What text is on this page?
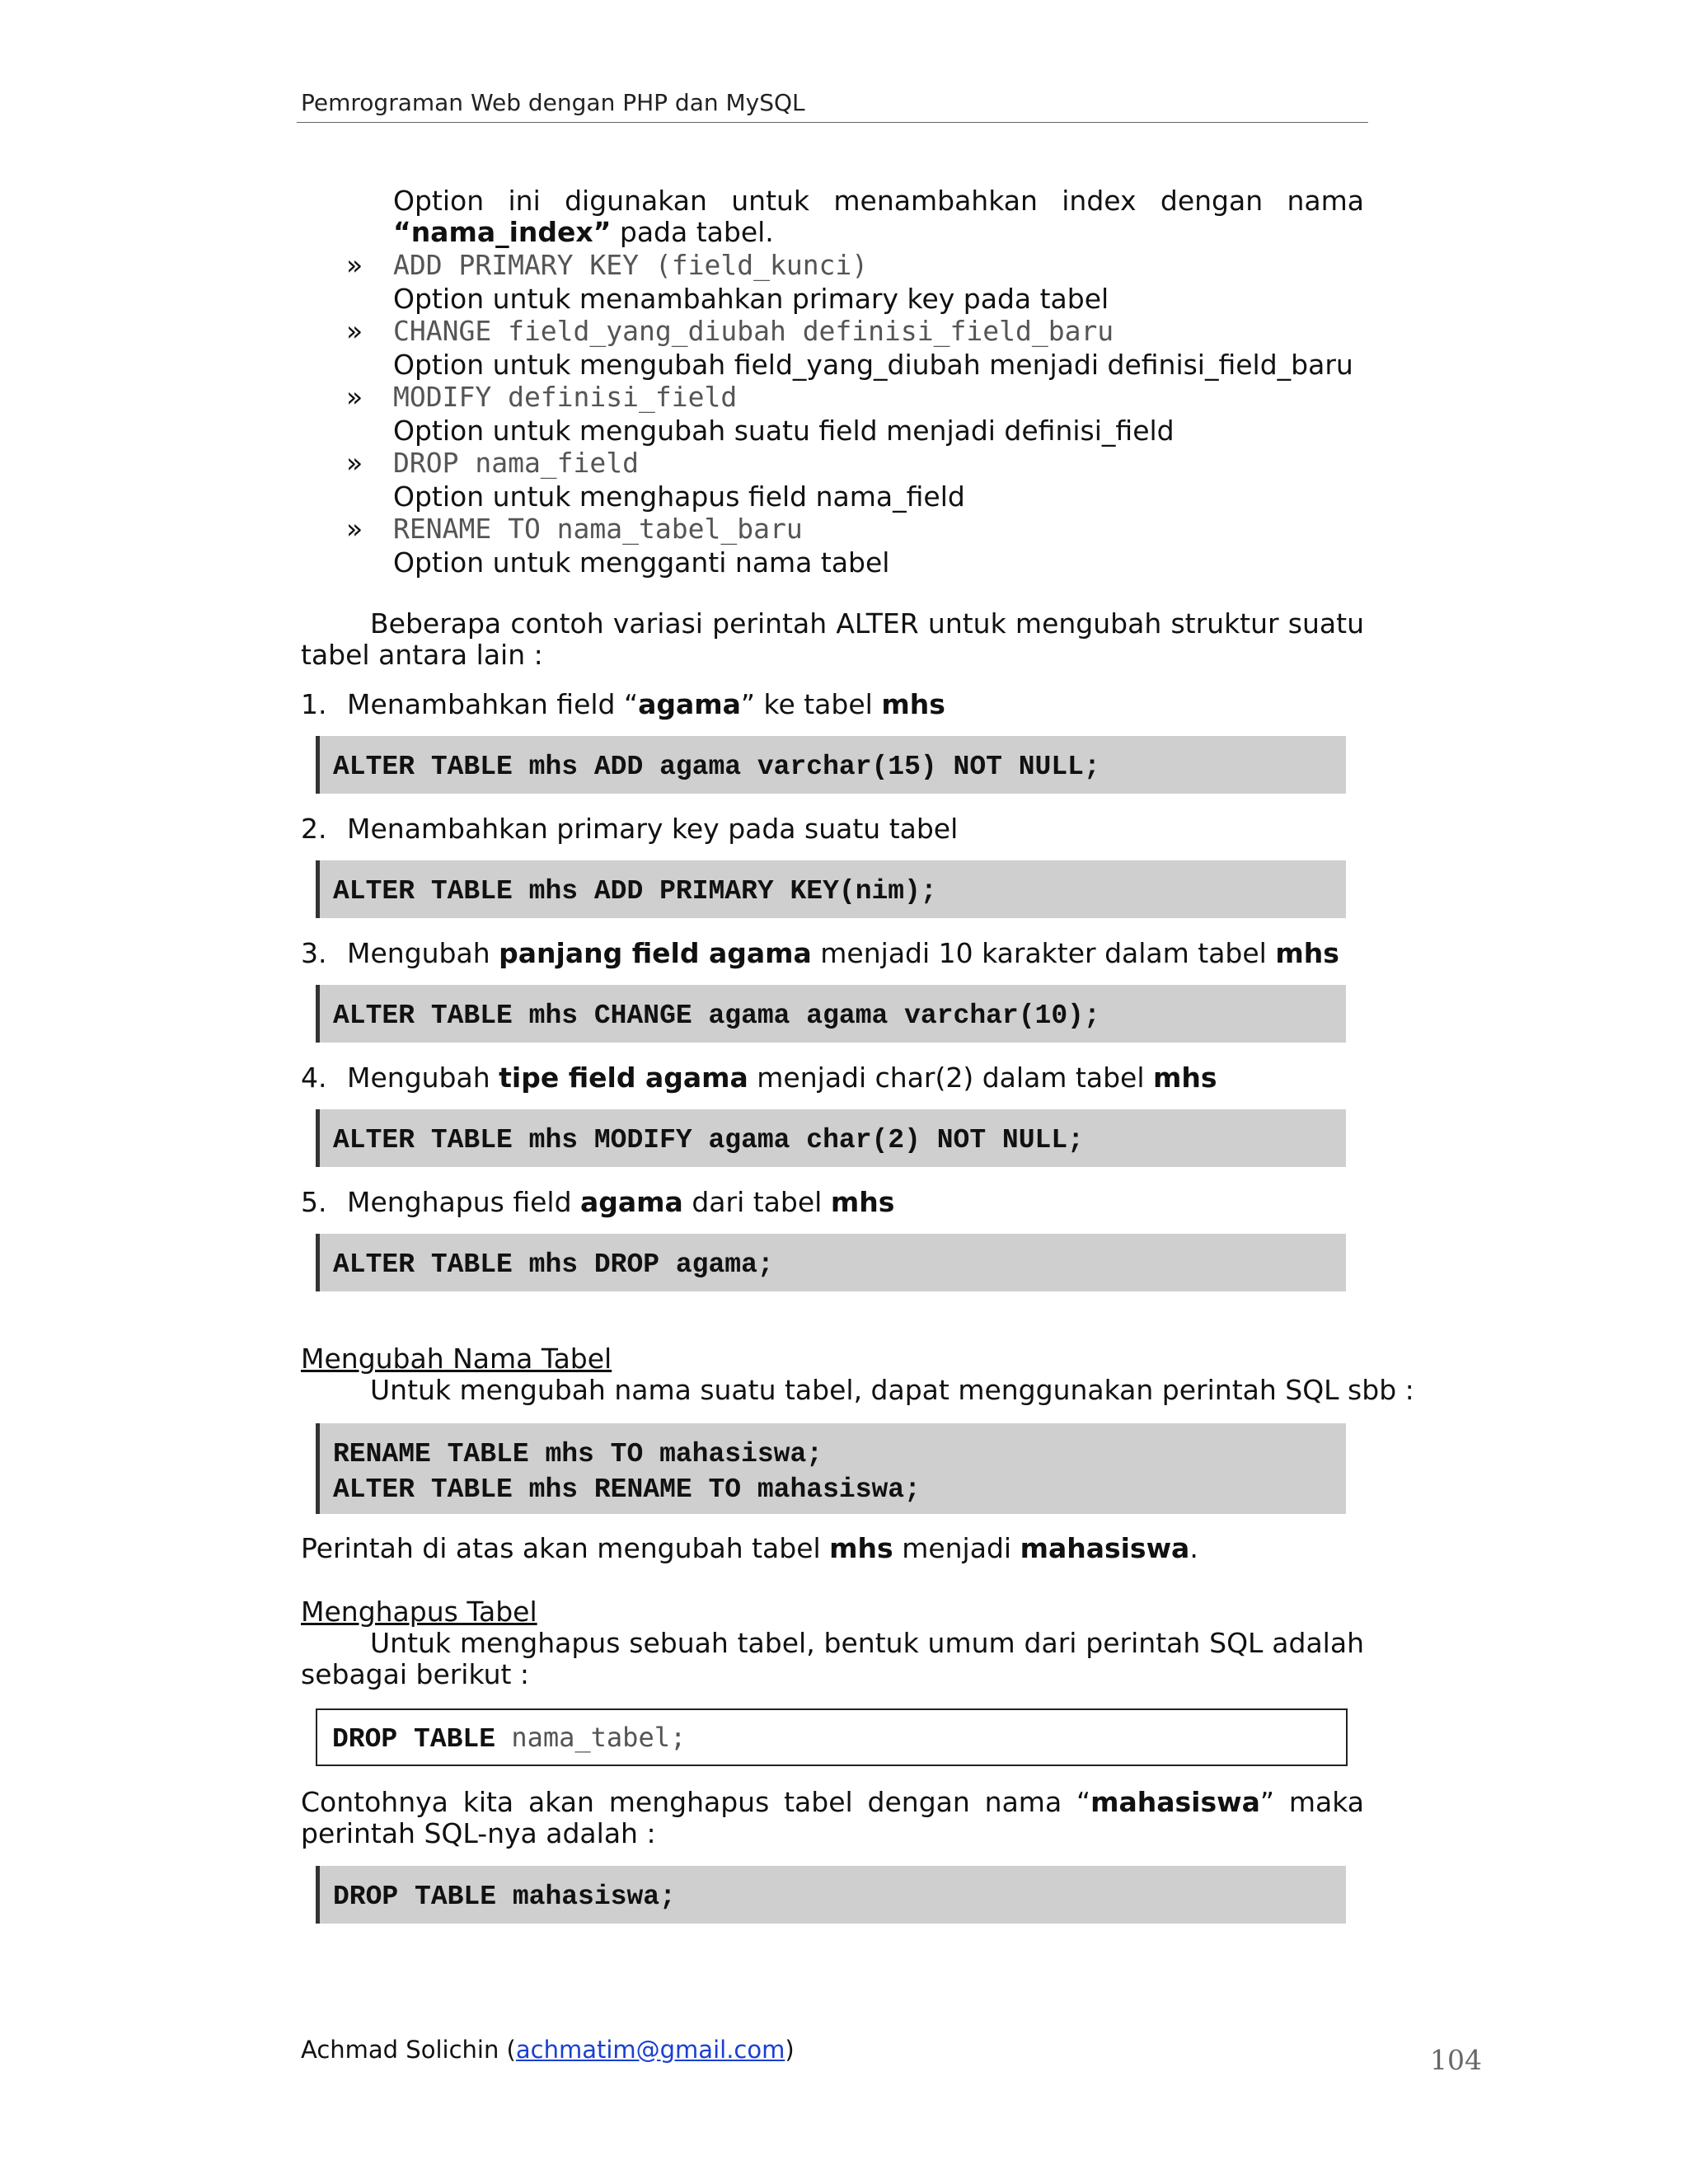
Pemrograman Web dengan PHP dan MySQL
Option ini digunakan untuk menambahkan index dengan nama
“nama_index” pada tabel.
» ADD PRIMARY KEY (field_kunci)
Option untuk menambahkan primary key pada tabel
» CHANGE field_yang_diubah definisi_field_baru
Option untuk mengubah field_yang_diubah menjadi definisi_field_baru
» MODIFY definisi_field
Option untuk mengubah suatu field menjadi definisi_field
» DROP nama_field
Option untuk menghapus field nama_field
» RENAME TO nama_tabel_baru
Option untuk mengganti nama tabel
Beberapa contoh variasi perintah ALTER untuk mengubah struktur suatu
tabel antara lain :
1. Menambahkan field “agama” ke tabel mhs
ALTER TABLE mhs ADD agama varchar(15) NOT NULL;
2. Menambahkan primary key pada suatu tabel
ALTER TABLE mhs ADD PRIMARY KEY(nim);
3. Mengubah panjang field agama menjadi 10 karakter dalam tabel mhs
ALTER TABLE mhs CHANGE agama agama varchar(10);
4. Mengubah tipe field agama menjadi char(2) dalam tabel mhs
ALTER TABLE mhs MODIFY agama char(2) NOT NULL;
5. Menghapus field agama dari tabel mhs
ALTER TABLE mhs DROP agama;
Mengubah Nama Tabel
Untuk mengubah nama suatu tabel, dapat menggunakan perintah SQL sbb :
RENAME TABLE mhs TO mahasiswa;
ALTER TABLE mhs RENAME TO mahasiswa;
Perintah di atas akan mengubah tabel mhs menjadi mahasiswa.
Menghapus Tabel
Untuk menghapus sebuah tabel, bentuk umum dari perintah SQL adalah
sebagai berikut :
DROP TABLE nama_tabel;
Contohnya kita akan menghapus tabel dengan nama “mahasiswa” maka
perintah SQL-nya adalah :
DROP TABLE mahasiswa;
Achmad Solichin (achmatim@gmail.com)	104
